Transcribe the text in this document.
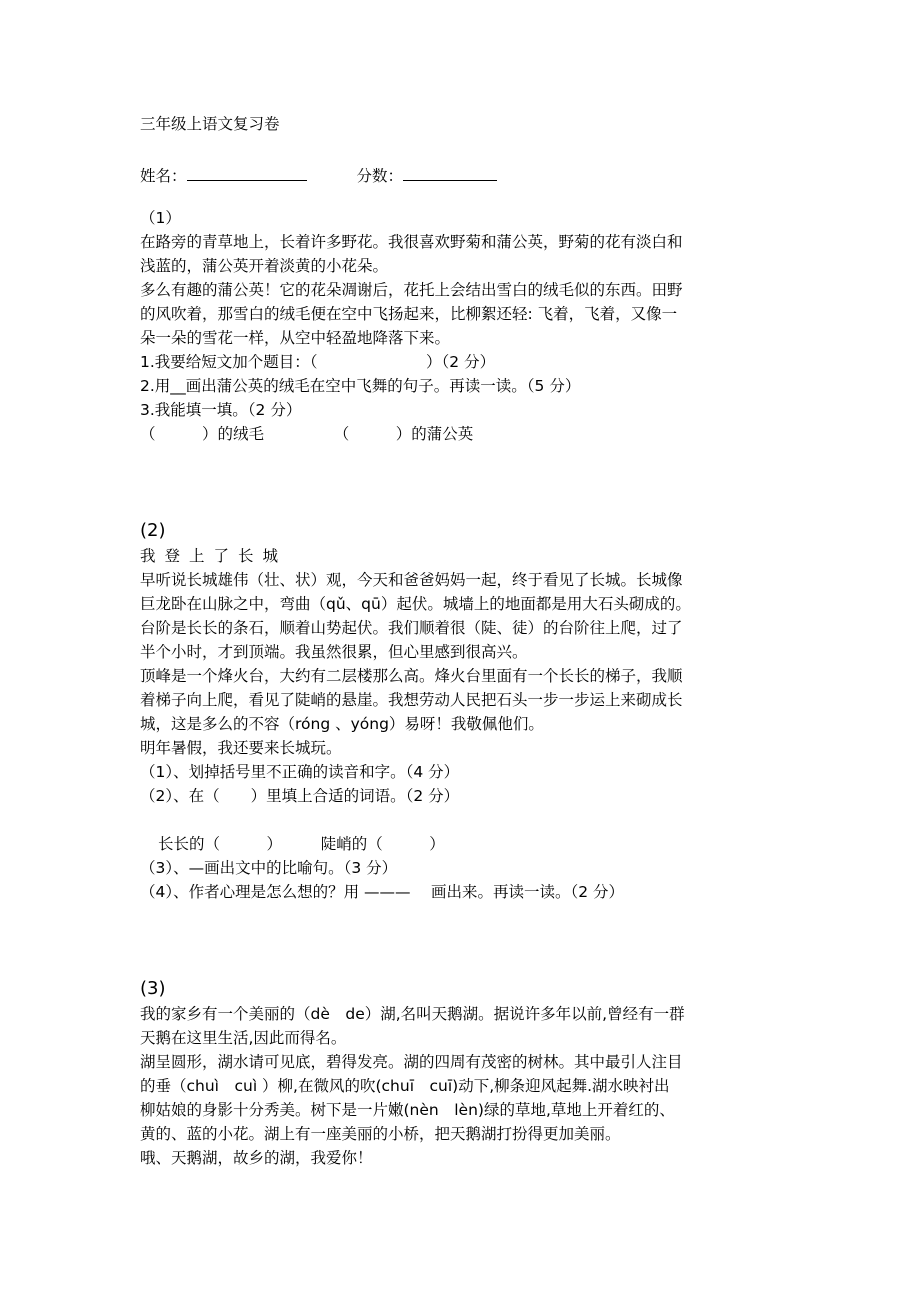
三年级上语文复习卷
姓名：	分数：
（1）
在路旁的青草地上，长着许多野花。我很喜欢野菊和蒲公英，野菊的花有淡白和
浅蓝的，蒲公英开着淡黄的小花朵。
多么有趣的蒲公英！它的花朵凋谢后，花托上会结出雪白的绒毛似的东西。田野
的风吹着，那雪白的绒毛便在空中飞扬起来，比柳絮还轻: 飞着，飞着，又像一
朵一朵的雪花一样，从空中轻盈地降落下来。
1.我要给短文加个题目：（　　　　　　　）（2 分）
2.用__画出蒲公英的绒毛在空中飞舞的句子。再读一读。（5 分）
3.我能填一填。（2 分）
（　　　）的绒毛　　　　　（　　　）的蒲公英
(2)
我登上了长城
早听说长城雄伟（壮、状）观，今天和爸爸妈妈一起，终于看见了长城。长城像
巨龙卧在山脉之中，弯曲（qǔ、qū）起伏。城墙上的地面都是用大石头砌成的。
台阶是长长的条石，顺着山势起伏。我们顺着很（陡、徒）的台阶往上爬，过了
半个小时，才到顶端。我虽然很累，但心里感到很高兴。
顶峰是一个烽火台，大约有二层楼那么高。烽火台里面有一个长长的梯子，我顺
着梯子向上爬，看见了陡峭的悬崖。我想劳动人民把石头一步一步运上来砌成长
城，这是多么的不容（róng 、yóng）易呀！我敬佩他们。
明年暑假，我还要来长城玩。
（1）、划掉括号里不正确的读音和字。（4 分）
（2）、在（　　）里填上合适的词语。（2 分）
长长的（　　　）　　　陡峭的（　　　）
（3）、—画出文中的比喻句。（3 分）
（4）、作者心理是怎么想的？用 ———　 画出来。再读一读。（2 分）
(3)
我的家乡有一个美丽的（dè　de）湖,名叫天鹅湖。据说许多年以前,曾经有一群
天鹅在这里生活,因此而得名。
湖呈圆形，湖水请可见底，碧得发亮。湖的四周有茂密的树林。其中最引人注目
的垂（chuì　cuì ）柳,在微风的吹(chuī　cuī)动下,柳条迎风起舞.湖水映衬出
柳姑娘的身影十分秀美。树下是一片嫩(nèn　lèn)绿的草地,草地上开着红的、
黄的、蓝的小花。湖上有一座美丽的小桥，把天鹅湖打扮得更加美丽。
哦、天鹅湖，故乡的湖，我爱你！
